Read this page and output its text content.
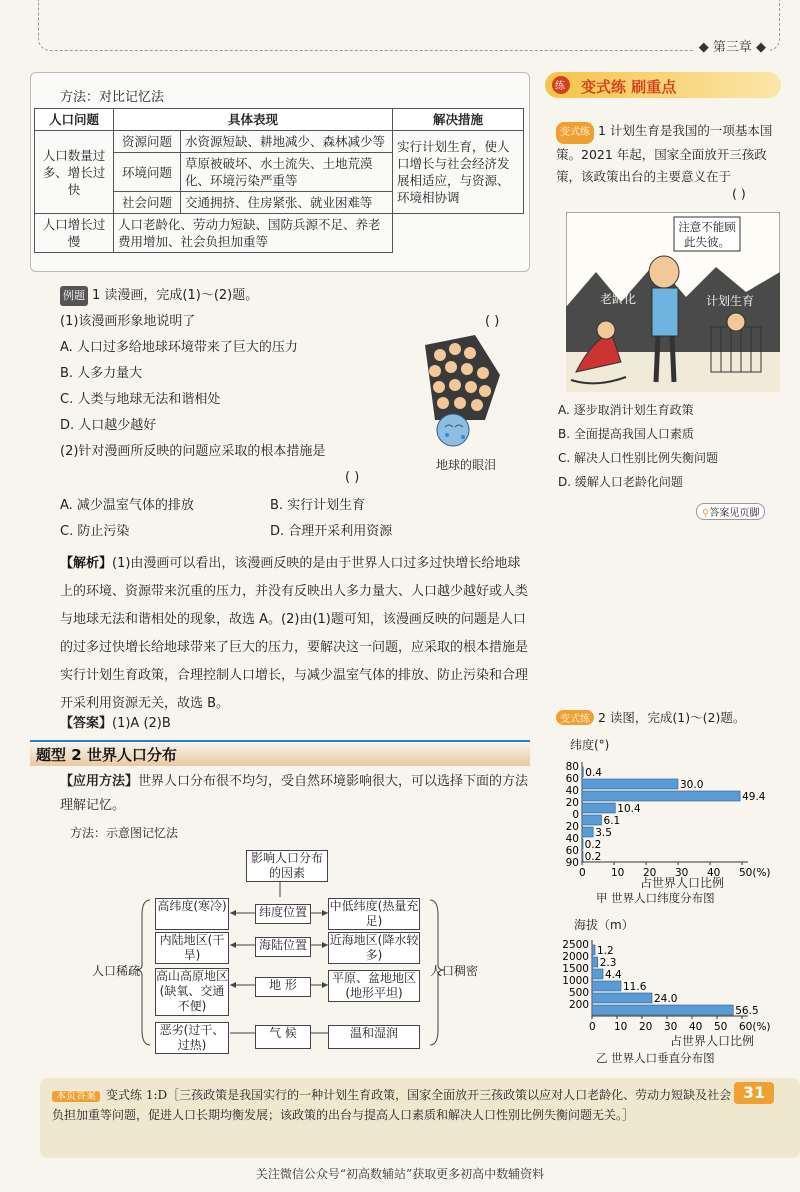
◆ 第三章 ◆
方法：对比记忆法
人口问题	具体表现		解决措施
人口数量过多、增长过快	资源问题	水资源短缺、耕地减少、森林减少等	实行计划生育，使人口增长与社会经济发展相适应，与资源、环境相协调
	环境问题	草原被破坏、水土流失、土地荒漠化、环境污染严重等	
	社会问题	交通拥挤、住房紧张、就业困难等	
人口增长过慢	人口老龄化、劳动力短缺、国防兵源不足、养老费用增加、社会负担加重等		
例题 1 读漫画，完成(1)～(2)题。
(1)该漫画形象地说明了	( )
A. 人口过多给地球环境带来了巨大的压力
B. 人多力量大
C. 人类与地球无法和谐相处
D. 人口越少越好
(2)针对漫画所反映的问题应采取的根本措施是
( )
A. 减少温室气体的排放	B. 实行计划生育
C. 防止污染	D. 合理开采利用资源
地球的眼泪
【解析】(1)由漫画可以看出，该漫画反映的是由于世界人口过多过快增长给地球上的环境、资源带来沉重的压力，并没有反映出人多力量大、人口越少越好或人类与地球无法和谐相处的现象，故选 A。(2)由(1)题可知，该漫画反映的问题是人口的过多过快增长给地球带来了巨大的压力，要解决这一问题，应采取的根本措施是实行计划生育政策，合理控制人口增长，与减少温室气体的排放、防止污染和合理开采利用资源无关，故选 B。
【答案】(1)A (2)B
题型 2 世界人口分布
【应用方法】世界人口分布很不均匀，受自然环境影响很大，可以选择下面的方法理解记忆。
方法：示意图记忆法
影响人口分布的因素
人口稀疏	人口稠密
高纬度(寒冷)	纬度位置	中低纬度(热量充足)
内陆地区(干旱)
海陆位置	近海地区(降水较多)
高山高原地区(缺氧、交通不便)
地 形	平原、盆地地区(地形平坦)
恶劣(过干、过热)
气 候	温和湿润
练 变式练 刷重点
变式练 1 计划生育是我国的一项基本国策。2021 年起，国家全面放开三孩政策，该政策出台的主要意义在于
( )
注意不能顾此失彼。
老龄化	计划生育
A. 逐步取消计划生育政策
B. 全面提高我国人口素质
C. 解决人口性别比例失衡问题
D. 缓解人口老龄化问题
⚲答案见页脚
变式练 2 读图，完成(1)～(2)题。
纬度(°)
0.4
30.0
49.4
10.4
6.1
3.5
0.2
0.2
80
60
40
20
0
20
40
60
90
0 10 20 30 40 50(%)
占世界人口比例
甲 世界人口纬度分布图
海拔（m）
1.2
2.3
4.4
11.6
24.0
56.5
2500
2000
1500
1000
500
200
0 10 20 30 40 50 60(%)
占世界人口比例
乙 世界人口垂直分布图
本页答案 变式练 1:D［三孩政策是我国实行的一种计划生育政策，国家全面放开三孩政策以应对人口老龄化、劳动力短缺及社会负担加重等问题，促进人口长期均衡发展；该政策的出台与提高人口素质和解决人口性别比例失衡问题无关。］
31
关注微信公众号“初高数辅站”获取更多初高中数辅资料
